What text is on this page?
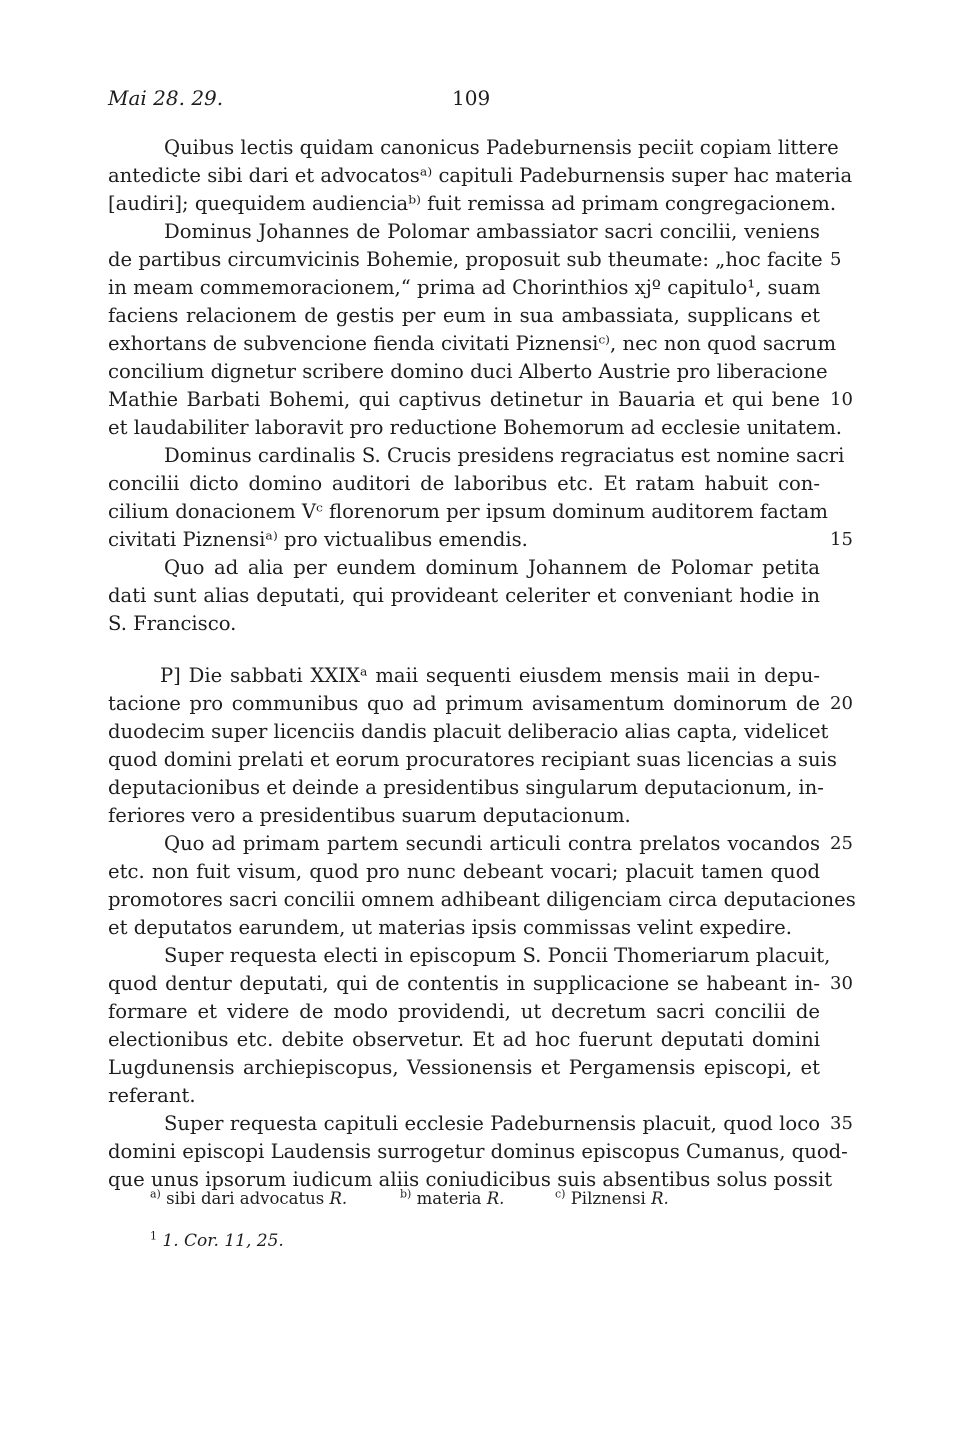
Mai 28. 29.	109
Quibus lectis quidam canonicus Padeburnensis peciit copiam littere
antedicte sibi dari et advocatosᵃ⁾ capituli Padeburnensis super hac materia
[audiri]; quequidem audienciaᵇ⁾ fuit remissa ad primam congregacionem.
Dominus Johannes de Polomar ambassiator sacri concilii, veniens
de partibus circumvicinis Bohemie, proposuit sub theumate: „hoc facite
in meam commemoracionem,“ prima ad Chorinthios xjº capitulo¹, suam
faciens relacionem de gestis per eum in sua ambassiata, supplicans et
exhortans de subvencione fienda civitati Piznensiᶜ⁾, nec non quod sacrum
concilium dignetur scribere domino duci Alberto Austrie pro liberacione
Mathie Barbati Bohemi, qui captivus detinetur in Bauaria et qui bene
et laudabiliter laboravit pro reductione Bohemorum ad ecclesie unitatem.
Dominus cardinalis S. Crucis presidens regraciatus est nomine sacri
concilii dicto domino auditori de laboribus etc. Et ratam habuit con-
cilium donacionem Vᶜ florenorum per ipsum dominum auditorem factam
civitati Piznensiᵃ⁾ pro victualibus emendis.
Quo ad alia per eundem dominum Johannem de Polomar petita
dati sunt alias deputati, qui provideant celeriter et conveniant hodie in
S. Francisco.
P] Die sabbati XXIXᵃ maii sequenti eiusdem mensis maii in depu-
tacione pro communibus quo ad primum avisamentum dominorum de
duodecim super licenciis dandis placuit deliberacio alias capta, videlicet
quod domini prelati et eorum procuratores recipiant suas licencias a suis
deputacionibus et deinde a presidentibus singularum deputacionum, in-
feriores vero a presidentibus suarum deputacionum.
Quo ad primam partem secundi articuli contra prelatos vocandos
etc. non fuit visum, quod pro nunc debeant vocari; placuit tamen quod
promotores sacri concilii omnem adhibeant diligenciam circa deputaciones
et deputatos earundem, ut materias ipsis commissas velint expedire.
Super requesta electi in episcopum S. Poncii Thomeriarum placuit,
quod dentur deputati, qui de contentis in supplicacione se habeant in-
formare et videre de modo providendi, ut decretum sacri concilii de
electionibus etc. debite observetur. Et ad hoc fuerunt deputati domini
Lugdunensis archiepiscopus, Vessionensis et Pergamensis episcopi, et
referant.
Super requesta capituli ecclesie Padeburnensis placuit, quod loco
domini episcopi Laudensis surrogetur dominus episcopus Cumanus, quod-
que unus ipsorum iudicum aliis coniudicibus suis absentibus solus possit
5
10
15
20
25
30
35
$^{a)}$ sibi dari advocatus R.	$^{b)}$ materia R.	$^{c)}$ Pilznensi R.
$^1$ 1. Cor. 11, 25.
